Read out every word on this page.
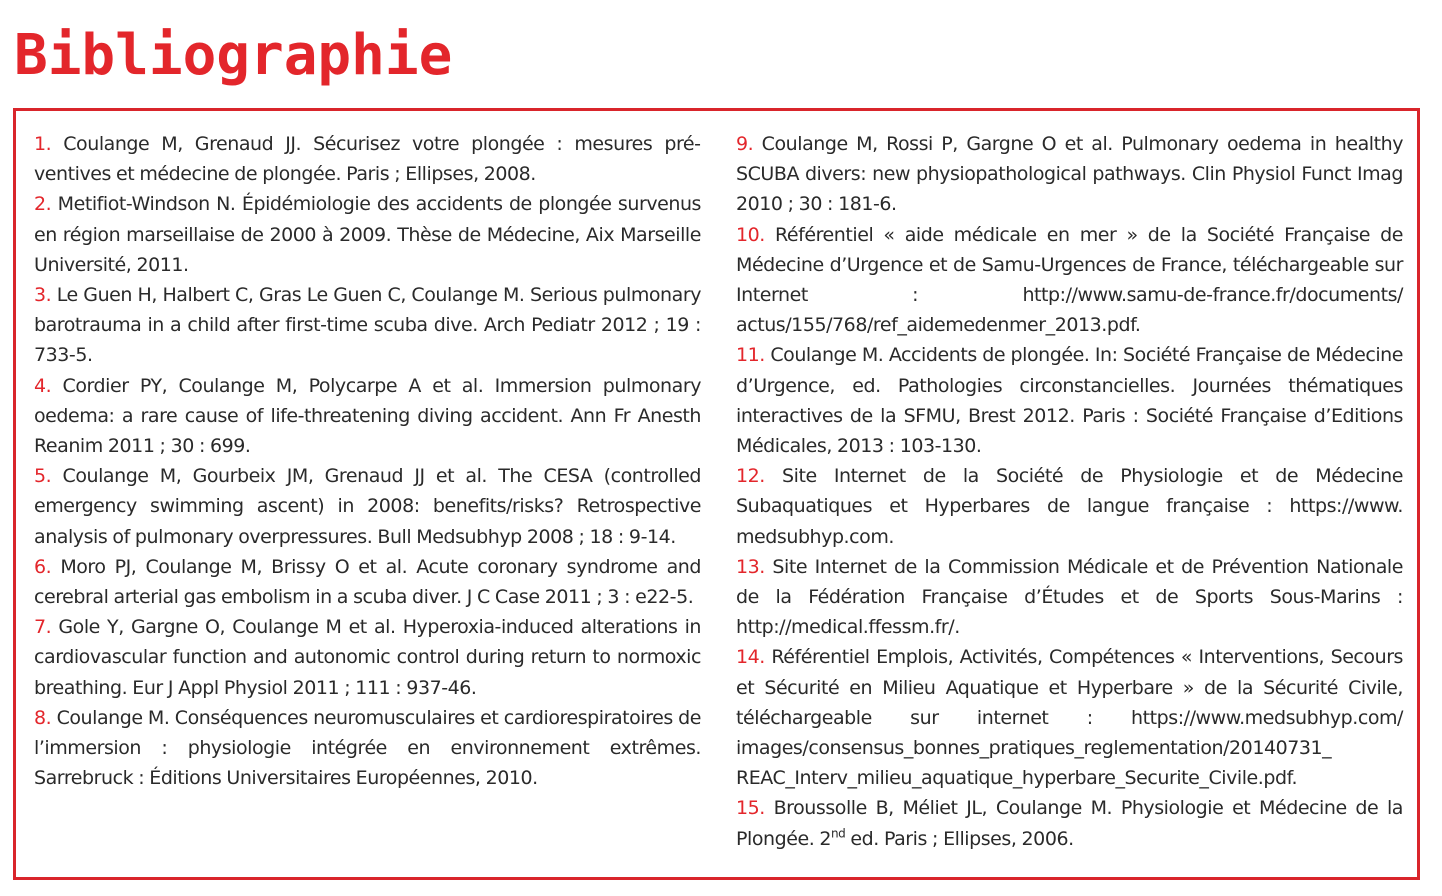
Bibliographie

1. Coulange M, Grenaud JJ. Sécurisez votre plongée : mesures préventives et médecine de plongée. Paris ; Ellipses, 2008.

2. Metifiot-Windson N. Épidémiologie des accidents de plongée survenus en région marseillaise de 2000 à 2009. Thèse de Médecine, Aix Marseille Université, 2011.

3. Le Guen H, Halbert C, Gras Le Guen C, Coulange M. Serious pulmonary barotrauma in a child after first-time scuba dive. Arch Pediatr 2012 ; 19 : 733-5.

4. Cordier PY, Coulange M, Polycarpe A et al. Immersion pulmonary oedema: a rare cause of life-threatening diving accident. Ann Fr Anesth Reanim 2011 ; 30 : 699.

5. Coulange M, Gourbeix JM, Grenaud JJ et al. The CESA (controlled emergency swimming ascent) in 2008: benefits/risks? Retrospective analysis of pulmonary overpressures. Bull Medsubhyp 2008 ; 18 : 9-14.

6. Moro PJ, Coulange M, Brissy O et al. Acute coronary syndrome and cerebral arterial gas embolism in a scuba diver. J C Case 2011 ; 3 : e22-5.

7. Gole Y, Gargne O, Coulange M et al. Hyperoxia-induced alterations in cardiovascular function and autonomic control during return to normoxic breathing. Eur J Appl Physiol 2011 ; 111 : 937-46.

8. Coulange M. Conséquences neuromusculaires et cardiorespiratoires de l’immersion : physiologie intégrée en environnement extrêmes. Sarrebruck : Éditions Universitaires Européennes, 2010.

9. Coulange M, Rossi P, Gargne O et al. Pulmonary oedema in healthy SCUBA divers: new physiopathological pathways. Clin Physiol Funct Imag 2010 ; 30 : 181-6.

10. Référentiel « aide médicale en mer » de la Société Française de Médecine d’Urgence et de Samu-Urgences de France, téléchargeable sur Internet : http://www.samu-de-france.fr/documents/​actus/155/768/ref_aidemedenmer_2013.pdf.

11. Coulange M. Accidents de plongée. In: Société Française de Médecine d’Urgence, ed. Pathologies circonstancielles. Journées thématiques interactives de la SFMU, Brest 2012. Paris : Société Française d’Editions Médicales, 2013 : 103-130.

12. Site Internet de la Société de Physiologie et de Médecine Subaquatiques et Hyperbares de langue française : https://www.​medsubhyp.com.

13. Site Internet de la Commission Médicale et de Prévention Nationale de la Fédération Française d’Études et de Sports Sous-Marins : http://medical.ffessm.fr/.

14. Référentiel Emplois, Activités, Compétences « Interventions, Secours et Sécurité en Milieu Aquatique et Hyperbare » de la Sécurité Civile, téléchargeable sur internet : https://www.medsubhyp.com/​images/consensus_bonnes_pratiques_reglementation/20140731_​REAC_Interv_milieu_aquatique_hyperbare_Securite_Civile.pdf.

15. Broussolle B, Méliet JL, Coulange M. Physiologie et Médecine de la Plongée. 2nd ed. Paris ; Ellipses, 2006.
